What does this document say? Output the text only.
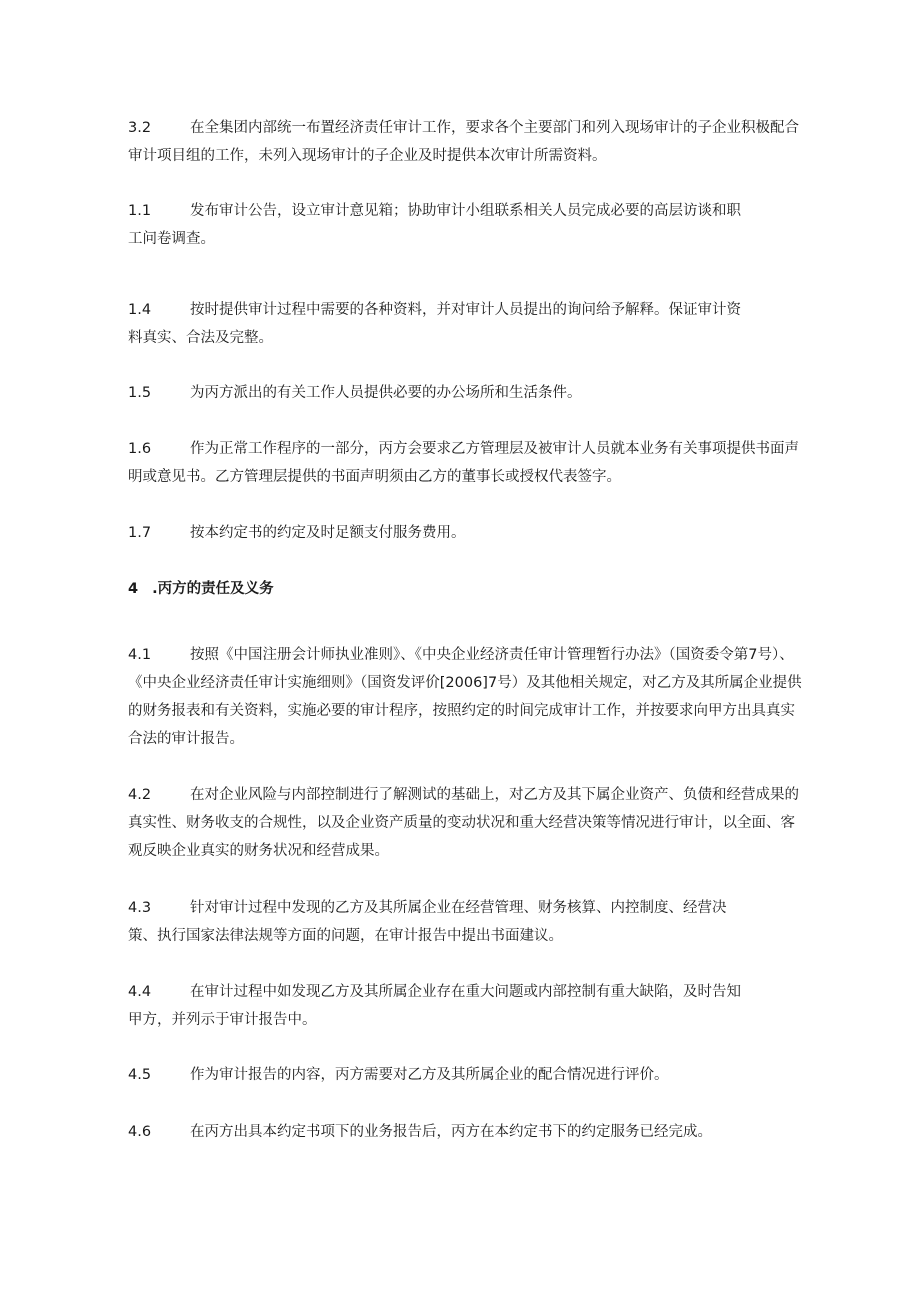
3.2	在全集团内部统一布置经济责任审计工作，要求各个主要部门和列入现场审计的子企业积极配合审计项目组的工作，未列入现场审计的子企业及时提供本次审计所需资料。
1.1	发布审计公告，设立审计意见箱；协助审计小组联系相关人员完成必要的高层访谈和职工问卷调查。
1.4	按时提供审计过程中需要的各种资料，并对审计人员提出的询问给予解释。保证审计资料真实、合法及完整。
1.5	为丙方派出的有关工作人员提供必要的办公场所和生活条件。
1.6	作为正常工作程序的一部分，丙方会要求乙方管理层及被审计人员就本业务有关事项提供书面声明或意见书。乙方管理层提供的书面声明须由乙方的董事长或授权代表签字。
1.7	按本约定书的约定及时足额支付服务费用。
4 .丙方的责任及义务
4.1	按照《中国注册会计师执业准则》、《中央企业经济责任审计管理暂行办法》（国资委令第7号）、《中央企业经济责任审计实施细则》（国资发评价[2006]7号）及其他相关规定，对乙方及其所属企业提供的财务报表和有关资料，实施必要的审计程序，按照约定的时间完成审计工作，并按要求向甲方出具真实合法的审计报告。
4.2	在对企业风险与内部控制进行了解测试的基础上，对乙方及其下属企业资产、负债和经营成果的真实性、财务收支的合规性，以及企业资产质量的变动状况和重大经营决策等情况进行审计，以全面、客观反映企业真实的财务状况和经营成果。
4.3	针对审计过程中发现的乙方及其所属企业在经营管理、财务核算、内控制度、经营决策、执行国家法律法规等方面的问题，在审计报告中提出书面建议。
4.4	在审计过程中如发现乙方及其所属企业存在重大问题或内部控制有重大缺陷，及时告知甲方，并列示于审计报告中。
4.5	作为审计报告的内容，丙方需要对乙方及其所属企业的配合情况进行评价。
4.6	在丙方出具本约定书项下的业务报告后，丙方在本约定书下的约定服务已经完成。
